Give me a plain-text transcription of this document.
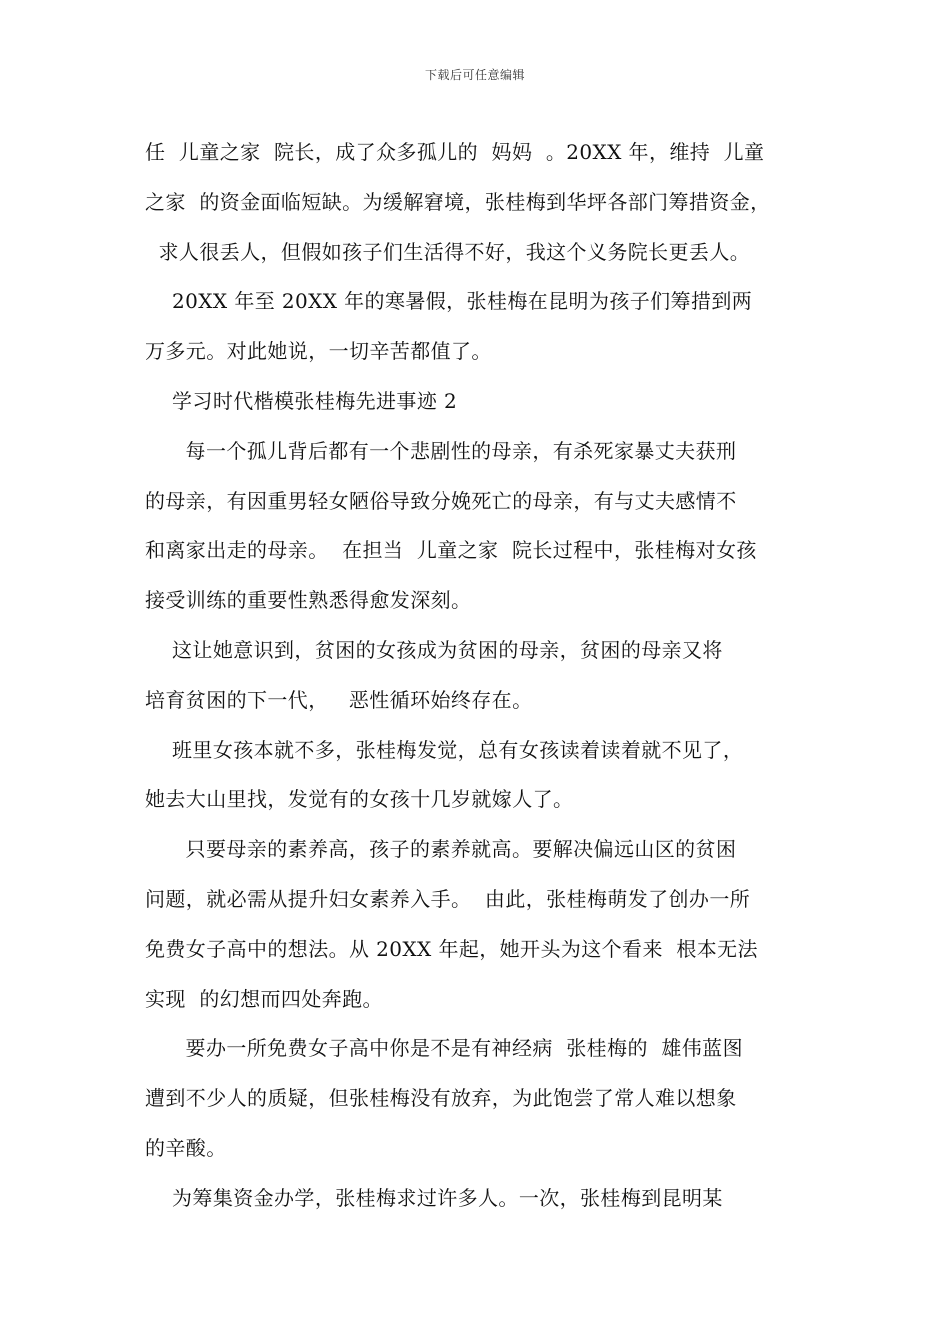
下载后可任意编辑
任  儿童之家  院长，成了众多孤儿的  妈妈  。20XX 年，维持  儿童
之家  的资金面临短缺。为缓解窘境，张桂梅到华坪各部门筹措资金，
求人很丢人，但假如孩子们生活得不好，我这个义务院长更丢人。
20XX 年至 20XX 年的寒暑假，张桂梅在昆明为孩子们筹措到两
万多元。对此她说，一切辛苦都值了。
学习时代楷模张桂梅先进事迹 2
每一个孤儿背后都有一个悲剧性的母亲，有杀死家暴丈夫获刑
的母亲，有因重男轻女陋俗导致分娩死亡的母亲，有与丈夫感情不
和离家出走的母亲。  在担当  儿童之家  院长过程中，张桂梅对女孩
接受训练的重要性熟悉得愈发深刻。
这让她意识到，贫困的女孩成为贫困的母亲，贫困的母亲又将
培育贫困的下一代，   恶性循环始终存在。
班里女孩本就不多，张桂梅发觉，总有女孩读着读着就不见了，
她去大山里找，发觉有的女孩十几岁就嫁人了。
只要母亲的素养高，孩子的素养就高。要解决偏远山区的贫困
问题，就必需从提升妇女素养入手。  由此，张桂梅萌发了创办一所
免费女子高中的想法。从 20XX 年起，她开头为这个看来  根本无法
实现  的幻想而四处奔跑。
要办一所免费女子高中你是不是有神经病  张桂梅的  雄伟蓝图
遭到不少人的质疑，但张桂梅没有放弃，为此饱尝了常人难以想象
的辛酸。
为筹集资金办学，张桂梅求过许多人。一次，张桂梅到昆明某
